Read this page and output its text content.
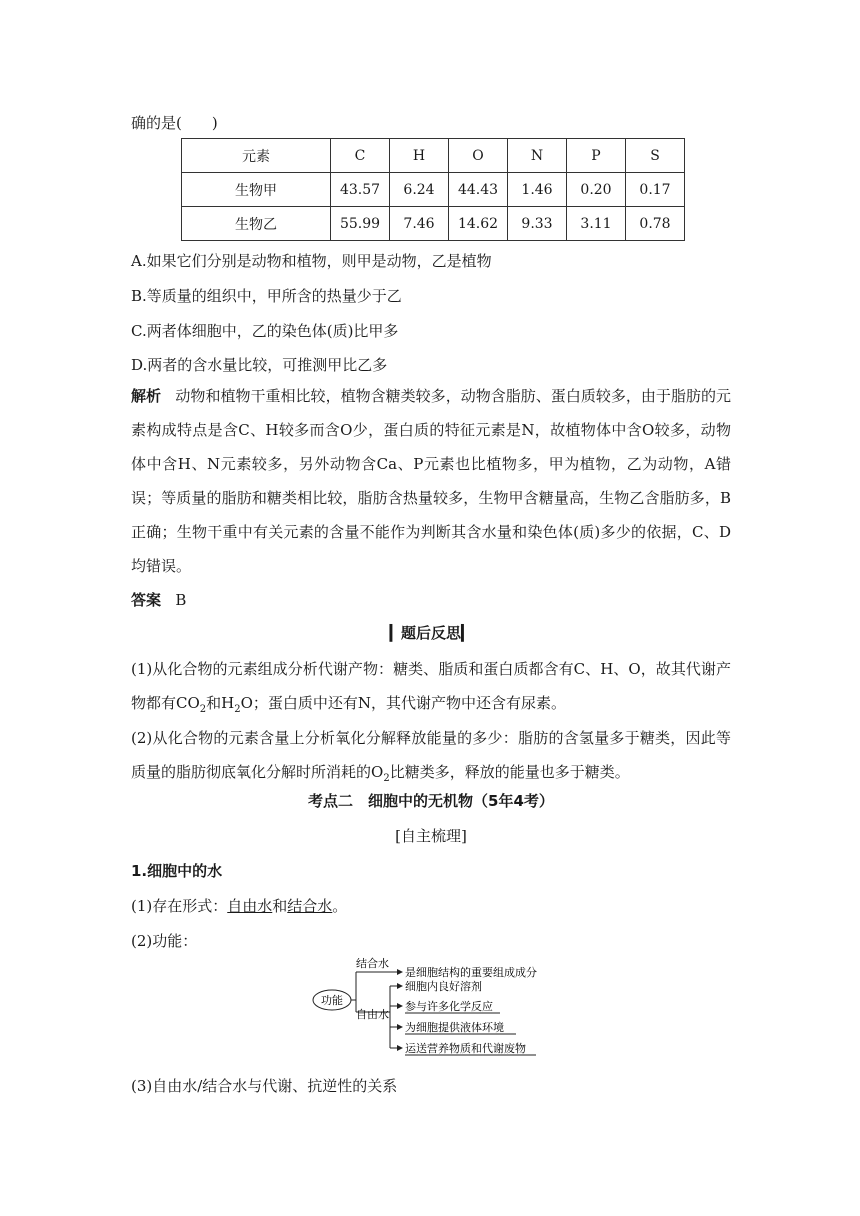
确的是(　　)
元素	C	H	O	N	P	S
生物甲	43.57	6.24	44.43	1.46	0.20	0.17
生物乙	55.99	7.46	14.62	9.33	3.11	0.78
A.如果它们分别是动物和植物，则甲是动物，乙是植物
B.等质量的组织中，甲所含的热量少于乙
C.两者体细胞中，乙的染色体(质)比甲多
D.两者的含水量比较，可推测甲比乙多
解析 动物和植物干重相比较，植物含糖类较多，动物含脂肪、蛋白质较多，由于脂肪的元素构成特点是含C、H较多而含O少，蛋白质的特征元素是N，故植物体中含O较多，动物体中含H、N元素较多，另外动物含Ca、P元素也比植物多，甲为植物，乙为动物，A错误；等质量的脂肪和糖类相比较，脂肪含热量较多，生物甲含糖量高，生物乙含脂肪多，B正确；生物干重中有关元素的含量不能作为判断其含水量和染色体(质)多少的依据，C、D均错误。
答案 B
▎题后反思▎
(1)从化合物的元素组成分析代谢产物：糖类、脂质和蛋白质都含有C、H、O，故其代谢产物都有$CO_2$和$H_2O$；蛋白质中还有N，其代谢产物中还含有尿素。
(2)从化合物的元素含量上分析氧化分解释放能量的多少：脂肪的含氢量多于糖类，因此等质量的脂肪彻底氧化分解时所消耗的$O_2$比糖类多，释放的能量也多于糖类。
考点二　细胞中的无机物（5年4考）
[自主梳理]
1.细胞中的水
(1)存在形式：自由水和结合水。
(2)功能：
功能
结合水
自由水
是细胞结构的重要组成成分
细胞内良好溶剂
参与许多化学反应
为细胞提供液体环境
运送营养物质和代谢废物
(3)自由水/结合水与代谢、抗逆性的关系
